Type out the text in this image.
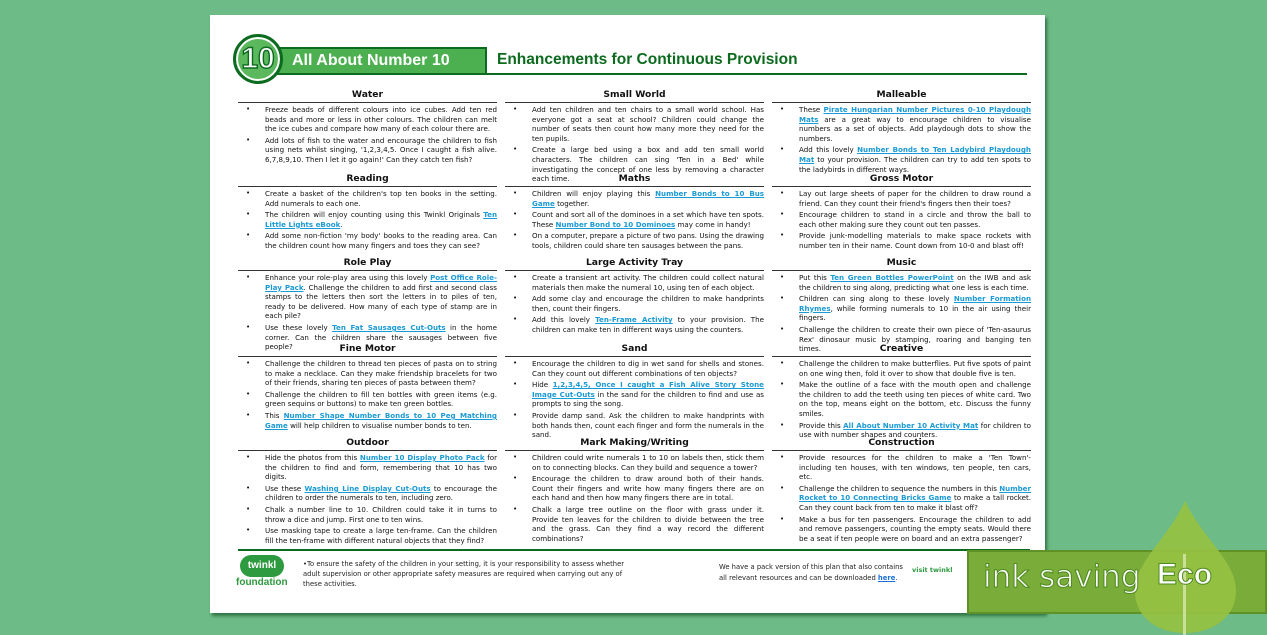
10	All About Number 10	Enhancements for Continuous Provision
Water
• Freeze beads of different colours into ice cubes. Add ten red beads and more or less in other colours. The children can melt the ice cubes and compare how many of each colour there are.
• Add lots of fish to the water and encourage the children to fish using nets whilst singing, '1,2,3,4,5. Once I caught a fish alive. 6,7,8,9,10. Then I let it go again!' Can they catch ten fish?
Small World
• Add ten children and ten chairs to a small world school. Has everyone got a seat at school? Children could change the number of seats then count how many more they need for the ten pupils.
• Create a large bed using a box and add ten small world characters. The children can sing 'Ten in a Bed' while investigating the concept of one less by removing a character each time.
Malleable
• These Pirate Hungarian Number Pictures 0-10 Playdough Mats are a great way to encourage children to visualise numbers as a set of objects. Add playdough dots to show the numbers.
• Add this lovely Number Bonds to Ten Ladybird Playdough Mat to your provision. The children can try to add ten spots to the ladybirds in different ways.
Reading
• Create a basket of the children's top ten books in the setting. Add numerals to each one.
• The children will enjoy counting using this Twinkl Originals Ten Little Lights eBook.
• Add some non-fiction 'my body' books to the reading area. Can the children count how many fingers and toes they can see?
Maths
• Children will enjoy playing this Number Bonds to 10 Bus Game together.
• Count and sort all of the dominoes in a set which have ten spots. These Number Bond to 10 Dominoes may come in handy!
• On a computer, prepare a picture of two pans. Using the drawing tools, children could share ten sausages between the pans.
Gross Motor
• Lay out large sheets of paper for the children to draw round a friend. Can they count their friend's fingers then their toes?
• Encourage children to stand in a circle and throw the ball to each other making sure they count out ten passes.
• Provide junk-modelling materials to make space rockets with number ten in their name. Count down from 10-0 and blast off!
Role Play
• Enhance your role-play area using this lovely Post Office Role-Play Pack. Challenge the children to add first and second class stamps to the letters then sort the letters in to piles of ten, ready to be delivered. How many of each type of stamp are in each pile?
• Use these lovely Ten Fat Sausages Cut-Outs in the home corner. Can the children share the sausages between five people?
Large Activity Tray
• Create a transient art activity. The children could collect natural materials then make the numeral 10, using ten of each object.
• Add some clay and encourage the children to make handprints then, count their fingers.
• Add this lovely Ten-Frame Activity to your provision. The children can make ten in different ways using the counters.
Music
• Put this Ten Green Bottles PowerPoint on the IWB and ask the children to sing along, predicting what one less is each time.
• Children can sing along to these lovely Number Formation Rhymes, while forming numerals to 10 in the air using their fingers.
• Challenge the children to create their own piece of 'Ten-asaurus Rex' dinosaur music by stamping, roaring and banging ten times.
Fine Motor
• Challenge the children to thread ten pieces of pasta on to string to make a necklace. Can they make friendship bracelets for two of their friends, sharing ten pieces of pasta between them?
• Challenge the children to fill ten bottles with green items (e.g. green sequins or buttons) to make ten green bottles.
• This Number Shape Number Bonds to 10 Peg Matching Game will help children to visualise number bonds to ten.
Sand
• Encourage the children to dig in wet sand for shells and stones. Can they count out different combinations of ten objects?
• Hide 1,2,3,4,5, Once I caught a Fish Alive Story Stone Image Cut-Outs in the sand for the children to find and use as prompts to sing the song.
• Provide damp sand. Ask the children to make handprints with both hands then, count each finger and form the numerals in the sand.
Creative
• Challenge the children to make butterflies. Put five spots of paint on one wing then, fold it over to show that double five is ten.
• Make the outline of a face with the mouth open and challenge the children to add the teeth using ten pieces of white card. Two on the top, means eight on the bottom, etc. Discuss the funny smiles.
• Provide this All About Number 10 Activity Mat for children to use with number shapes and counters.
Outdoor
• Hide the photos from this Number 10 Display Photo Pack for the children to find and form, remembering that 10 has two digits.
• Use these Washing Line Display Cut-Outs to encourage the children to order the numerals to ten, including zero.
• Chalk a number line to 10. Children could take it in turns to throw a dice and jump. First one to ten wins.
• Use masking tape to create a large ten-frame. Can the children fill the ten-frame with different natural objects that they find?
Mark Making/Writing
• Children could write numerals 1 to 10 on labels then, stick them on to connecting blocks. Can they build and sequence a tower?
• Encourage the children to draw around both of their hands. Count their fingers and write how many fingers there are on each hand and then how many fingers there are in total.
• Chalk a large tree outline on the floor with grass under it. Provide ten leaves for the children to divide between the tree and the grass. Can they find a way record the different combinations?
Construction
• Provide resources for the children to make a 'Ten Town'- including ten houses, with ten windows, ten people, ten cars, etc.
• Challenge the children to sequence the numbers in this Number Rocket to 10 Connecting Bricks Game to make a tall rocket. Can they count back from ten to make it blast off?
• Make a bus for ten passengers. Encourage the children to add and remove passengers, counting the empty seats. Would there be a seat if ten people were on board and an extra passenger?
twinkl
foundation
•To ensure the safety of the children in your setting, it is your responsibility to assess whether adult supervision or other appropriate safety measures are required when carrying out any of these activities.
We have a pack version of this plan that also contains all relevant resources and can be downloaded here.
visit twinkl ink saving Eco
